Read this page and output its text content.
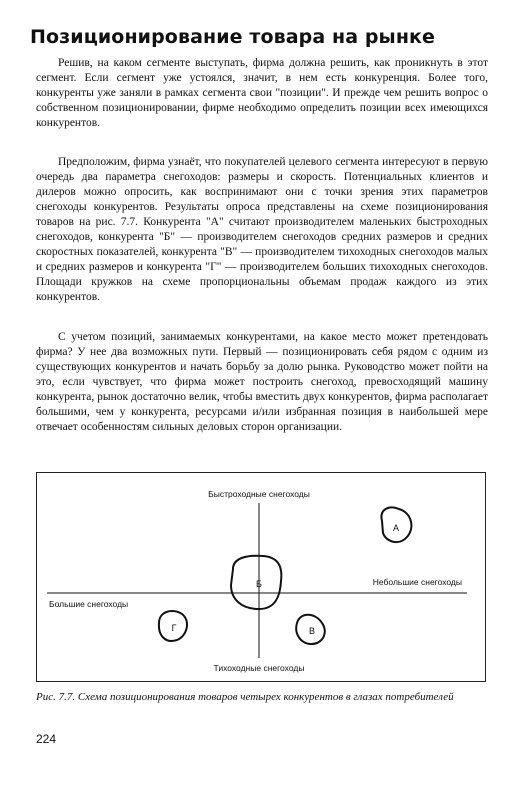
Позиционирование товара на рынке

Решив, на каком сегменте выступать, фирма должна решить, как проникнуть в этот сегмент. Если сегмент уже устоялся, значит, в нем есть конкуренция. Более того, конкуренты уже заняли в рамках сегмента свои "позиции". И прежде чем решить вопрос о собственном позиционировании, фирме необходимо определить позиции всех имеющихся конкурентов.

Предположим, фирма узнаёт, что покупателей целевого сегмента интересуют в первую очередь два параметра снегоходов: размеры и скорость. Потенциальных клиентов и дилеров можно опросить, как воспринимают они с точки зрения этих параметров снегоходы конкурентов. Результаты опроса представлены на схеме позиционирования товаров на рис. 7.7. Конкурента "А" считают производителем маленьких быстроходных снегоходов, конкурента "Б" — производителем снегоходов средних размеров и средних скоростных показателей, конкурента "В" — производителем тихоходных снегоходов малых и средних размеров и конкурента "Г" — производителем больших тихоходных снегоходов. Площади кружков на схеме пропорциональны объемам продаж каждого из этих конкурентов.

С учетом позиций, занимаемых конкурентами, на какое место может претендовать фирма? У нее два возможных пути. Первый — позиционировать себя рядом с одним из существующих конкурентов и начать борьбу за долю рынка. Руководство может пойти на это, если чувствует, что фирма может построить снегоход, превосходящий машину конкурента, рынок достаточно велик, чтобы вместить двух конкурентов, фирма располагает большими, чем у конкурента, ресурсами и/или избранная позиция в наибольшей мере отвечает особенностям сильных деловых сторон организации.

Быстроходные снегоходы
Тихоходные снегоходы
Большие снегоходы
Небольшие снегоходы
А
Б
В
Г

Рис. 7.7. Схема позиционирования товаров четырех конкурентов в глазах потребителей

224
